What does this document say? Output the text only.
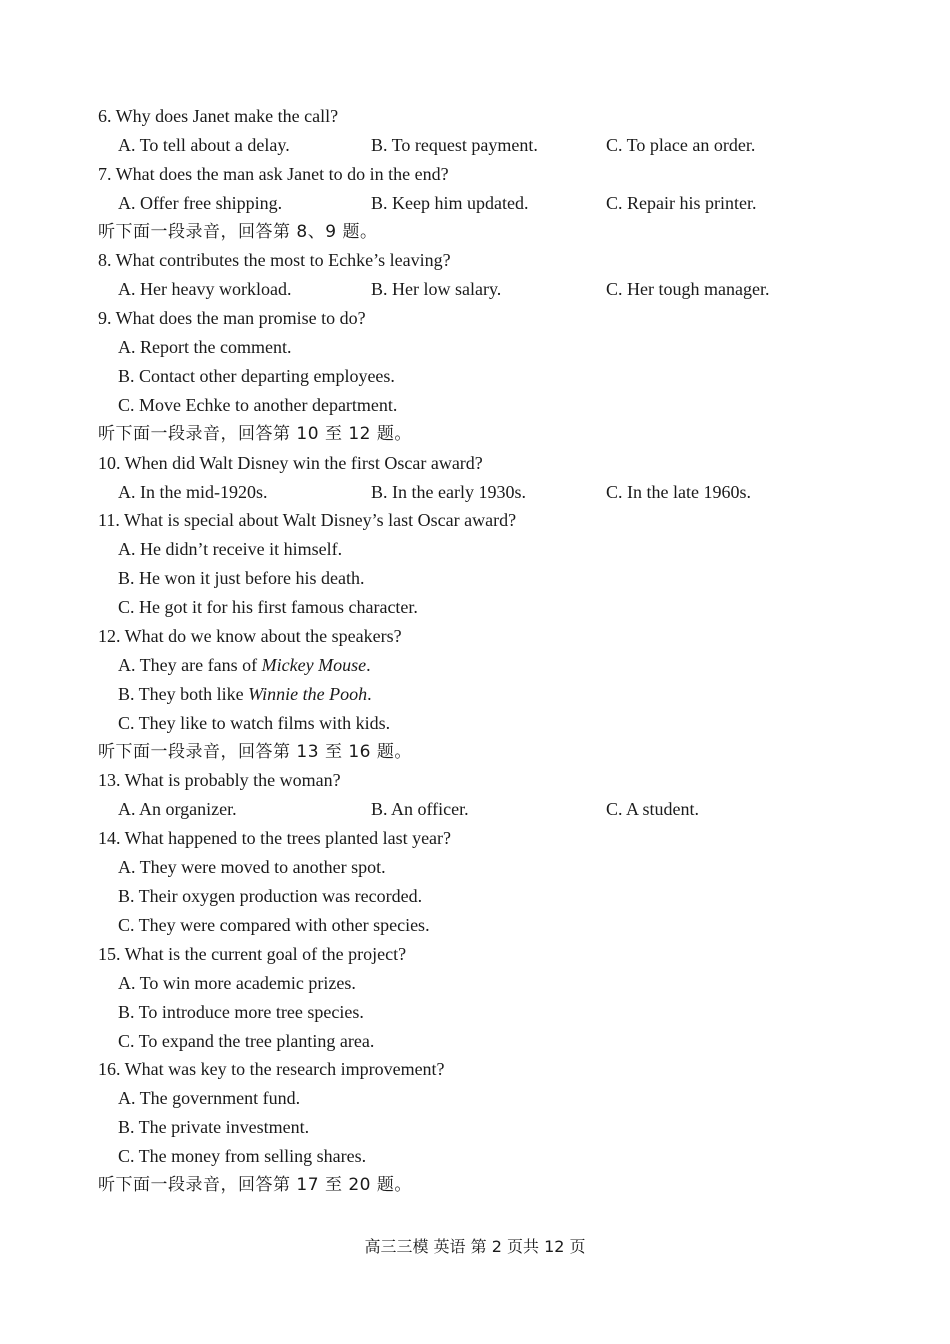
6. Why does Janet make the call?
A. To tell about a delay.	B. To request payment.	C. To place an order.
7. What does the man ask Janet to do in the end?
A. Offer free shipping.	B. Keep him updated.	C. Repair his printer.
听下面一段录音，回答第 8、9 题。
8. What contributes the most to Echke’s leaving?
A. Her heavy workload.	B. Her low salary.	C. Her tough manager.
9. What does the man promise to do?
A. Report the comment.
B. Contact other departing employees.
C. Move Echke to another department.
听下面一段录音，回答第 10 至 12 题。
10. When did Walt Disney win the first Oscar award?
A. In the mid-1920s.	B. In the early 1930s.	C. In the late 1960s.
11. What is special about Walt Disney’s last Oscar award?
A. He didn’t receive it himself.
B. He won it just before his death.
C. He got it for his first famous character.
12. What do we know about the speakers?
A. They are fans of Mickey Mouse.
B. They both like Winnie the Pooh.
C. They like to watch films with kids.
听下面一段录音，回答第 13 至 16 题。
13. What is probably the woman?
A. An organizer.	B. An officer.	C. A student.
14. What happened to the trees planted last year?
A. They were moved to another spot.
B. Their oxygen production was recorded.
C. They were compared with other species.
15. What is the current goal of the project?
A. To win more academic prizes.
B. To introduce more tree species.
C. To expand the tree planting area.
16. What was key to the research improvement?
A. The government fund.
B. The private investment.
C. The money from selling shares.
听下面一段录音，回答第 17 至 20 题。
高三三模 英语 第 2 页共 12 页
